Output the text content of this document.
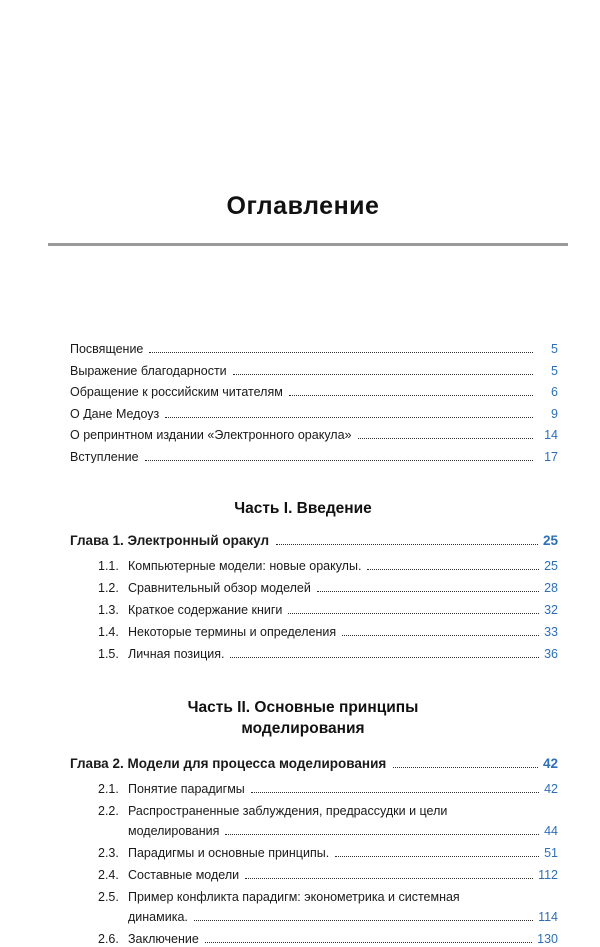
Оглавление
Посвящение	5
Выражение благодарности	5
Обращение к российским читателям	6
О Дане Медоуз	9
О репринтном издании «Электронного оракула»	14
Вступление	17
Часть I. Введение
Глава 1. Электронный оракул	25
1.1. Компьютерные модели: новые оракулы.	25
1.2. Сравнительный обзор моделей	28
1.3. Краткое содержание книги	32
1.4. Некоторые термины и определения	33
1.5. Личная позиция.	36
Часть II. Основные принципы
моделирования
Глава 2. Модели для процесса моделирования	42
2.1. Понятие парадигмы	42
2.2. Распространенные заблуждения, предрассудки и цели
моделирования	44
2.3. Парадигмы и основные принципы.	51
2.4. Составные модели	112
2.5. Пример конфликта парадигм: эконометрика и системная
динамика.	114
2.6. Заключение	130
